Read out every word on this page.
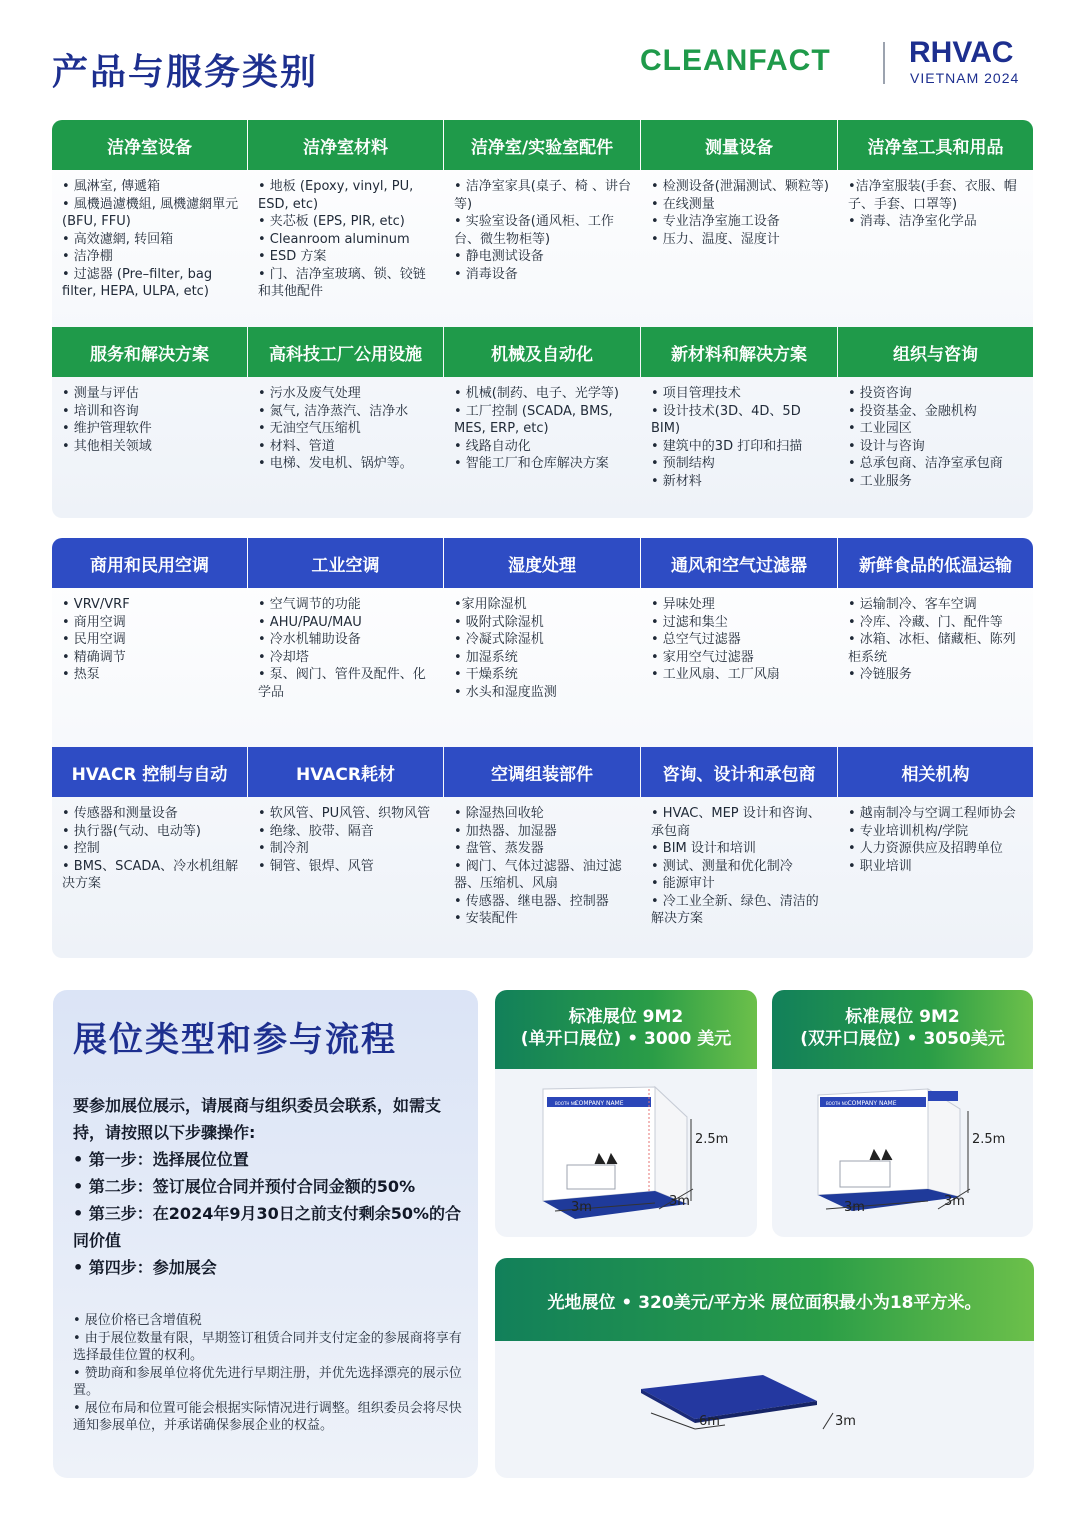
产品与服务类别	CLEANFACT	RHVAC
VIETNAM 2024
洁净室设备
• 風淋室, 傳遞箱
• 風機過濾機組, 風機濾網單元(BFU, FFU)
• 高效濾網, 转回箱
• 洁净棚
• 过滤器 (Pre–filter, bag filter, HEPA, ULPA, etc)
洁净室材料
• 地板 (Epoxy, vinyl, PU, ESD, etc)
• 夹芯板 (EPS, PIR, etc)
• Cleanroom aluminum
• ESD 方案
• 门、洁净室玻璃、锁、铰链和其他配件
洁净室/实验室配件
• 洁净室家具(桌子、椅 、讲台等)
• 实验室设备(通风柜、工作台、微生物柜等)
• 静电测试设备
• 消毒设备
测量设备
• 检测设备(泄漏测试、颗粒等)
• 在线测量
• 专业洁净室施工设备
• 压力、温度、湿度计
洁净室工具和用品
•洁净室服装(手套、衣服、帽子、手套、口罩等)
• 消毒、洁净室化学品
服务和解决方案
• 测量与评估
• 培训和咨询
• 维护管理软件
• 其他相关领域
高科技工厂公用设施
• 污水及废气处理
• 氮气, 洁净蒸汽、洁净水
• 无油空气压缩机
• 材料、管道
• 电梯、发电机、锅炉等。
机械及自动化
• 机械(制药、电子、光学等)
• 工厂控制 (SCADA, BMS, MES, ERP, etc)
• 线路自动化
• 智能工厂和仓库解决方案
新材料和解决方案
• 项目管理技术
• 设计技术(3D、4D、5D BIM)
• 建筑中的3D 打印和扫描
• 预制结构
• 新材料
组织与咨询
• 投资咨询
• 投资基金、金融机构
• 工业园区
• 设计与咨询
• 总承包商、洁净室承包商
• 工业服务
商用和民用空调
• VRV/VRF
• 商用空调
• 民用空调
• 精确调节
• 热泵
工业空调
• 空气调节的功能
• AHU/PAU/MAU
• 冷水机辅助设备
• 冷却塔
• 泵、阀门、管件及配件、化 学品
湿度处理
•家用除湿机
• 吸附式除湿机
• 冷凝式除湿机
• 加湿系统
• 干燥系统
• 水头和湿度监测
通风和空气过滤器
• 异味处理
• 过滤和集尘
• 总空气过滤器
• 家用空气过滤器
• 工业风扇、工厂风扇
新鲜食品的低温运输
• 运输制冷、客车空调
• 冷库、冷藏、门、配件等
• 冰箱、冰柜、储藏柜、陈列 柜系统
• 冷链服务
HVACR 控制与自动
• 传感器和测量设备
• 执行器(气动、电动等)
• 控制
• BMS、SCADA、冷水机组解决方案
HVACR耗材
• 软风管、PU风管、织物风管
• 绝缘、胶带、隔音
• 制冷剂
• 铜管、银焊、风管
空调组装部件
• 除湿热回收轮
• 加热器、加湿器
• 盘管、蒸发器
• 阀门、气体过滤器、油过滤 器、压缩机、风扇
• 传感器、继电器、控制器
• 安装配件
咨询、设计和承包商
• HVAC、MEP 设计和咨询、承包商
• BIM 设计和培训
• 测试、测量和优化制冷
• 能源审计
• 冷工业全新、绿色、清洁的解决方案
相关机构
• 越南制冷与空调工程师协会
• 专业培训机构/学院
• 人力资源供应及招聘单位
• 职业培训
展位类型和参与流程
要参加展位展示，请展商与组织委员会联系，如需支持，请按照以下步骤操作:
• 第一步：选择展位位置
• 第二步：签订展位合同并预付合同金额的50%
• 第三步：在2024年9月30日之前支付剩余50%的合同价值
• 第四步：参加展会
• 展位价格已含增值税
• 由于展位数量有限，早期签订租赁合同并支付定金的参展商将享有选择最佳位置的权利。
• 赞助商和参展单位将优先进行早期注册，并优先选择漂亮的展示位置。
• 展位布局和位置可能会根据实际情况进行调整。组织委员会将尽快通知参展单位，并承诺确保参展企业的权益。
标准展位 9M2
(单开口展位) • 3000 美元
COMPANY NAME
BOOTH NO
2.5m
3m	3m
标准展位 9M2
(双开口展位) • 3050美元
COMPANY NAME
BOOTH NO
2.5m
3m	3m
光地展位 • 320美元/平方米 展位面积最小为18平方米。
6m	3m
